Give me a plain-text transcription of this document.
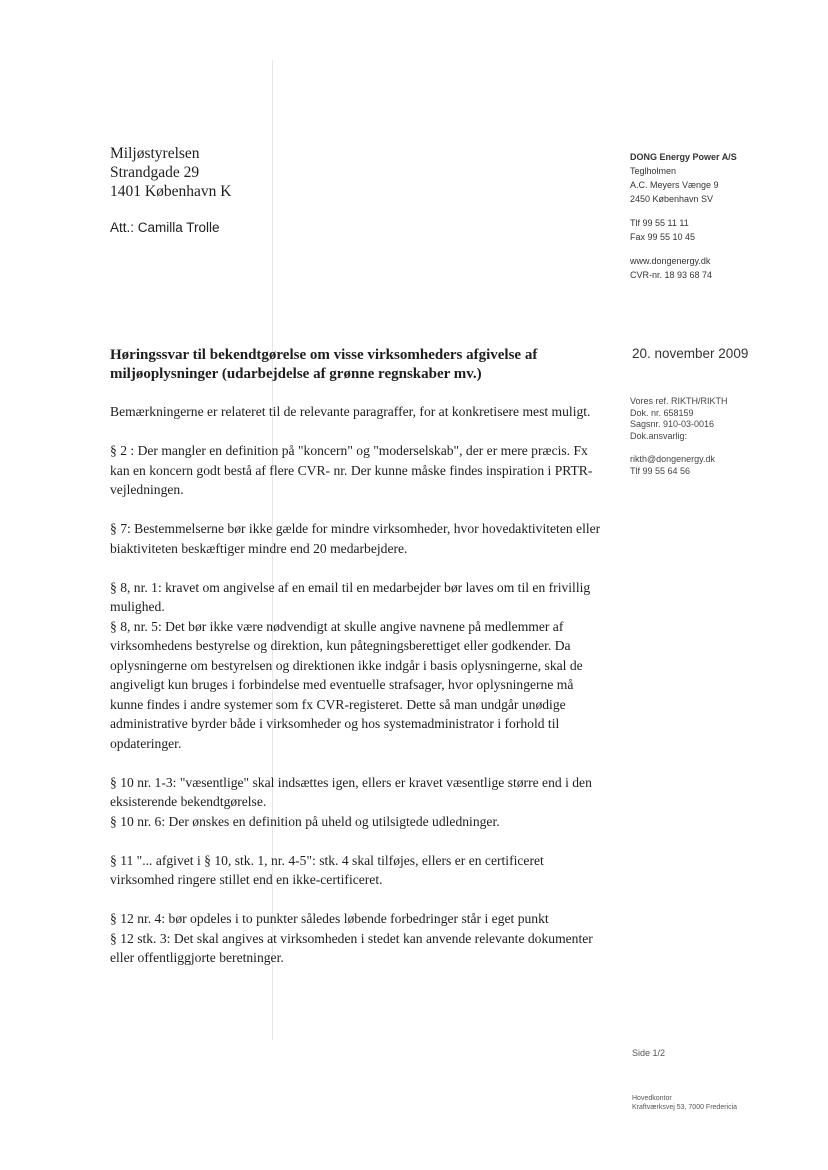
Miljøstyrelsen
Strandgade 29
1401 København K
Att.: Camilla Trolle
DONG Energy Power A/S
Teglholmen
A.C. Meyers Vænge 9
2450 København SV
Tlf 99 55 11 11
Fax 99 55 10 45
www.dongenergy.dk
CVR-nr. 18 93 68 74
Høringssvar til bekendtgørelse om visse virksomheders afgivelse af miljøoplysninger (udarbejdelse af grønne regnskaber mv.)
20. november 2009
Vores ref. RIKTH/RIKTH
Dok. nr. 658159
Sagsnr. 910-03-0016
Dok.ansvarlig:
rikth@dongenergy.dk
Tlf 99 55 64 56

Bemærkningerne er relateret til de relevante paragraffer, for at konkretisere mest muligt.

§ 2 : Der mangler en definition på "koncern" og "moderselskab", der er mere præcis. Fx kan en koncern godt bestå af flere CVR- nr. Der kunne måske findes inspiration i PRTR-vejledningen.

§ 7: Bestemmelserne bør ikke gælde for mindre virksomheder, hvor hovedaktiviteten eller biaktiviteten beskæftiger mindre end 20 medarbejdere.

§ 8, nr. 1: kravet om angivelse af en email til en medarbejder bør laves om til en frivillig mulighed.

§ 8, nr. 5: Det bør ikke være nødvendigt at skulle angive navnene på medlemmer af virksomhedens bestyrelse og direktion, kun påtegningsberettiget eller godkender. Da oplysningerne om bestyrelsen og direktionen ikke indgår i basis oplysningerne, skal de angiveligt kun bruges i forbindelse med eventuelle strafsager, hvor oplysningerne må kunne findes i andre systemer som fx CVR-registeret. Dette så man undgår unødige administrative byrder både i virksomheder og hos systemadministrator i forhold til opdateringer.

§ 10 nr. 1-3: "væsentlige" skal indsættes igen, ellers er kravet væsentlige større end i den eksisterende bekendtgørelse.

§ 10 nr. 6: Der ønskes en definition på uheld og utilsigtede udledninger.

§ 11 "... afgivet i § 10, stk. 1, nr. 4-5": stk. 4 skal tilføjes, ellers er en certificeret virksomhed ringere stillet end en ikke-certificeret.

§ 12 nr. 4: bør opdeles i to punkter således løbende forbedringer står i eget punkt

§ 12 stk. 3: Det skal angives at virksomheden i stedet kan anvende relevante dokumenter eller offentliggjorte beretninger.

Side 1/2
Hovedkontor
Kraftværksvej 53, 7000 Fredericia
